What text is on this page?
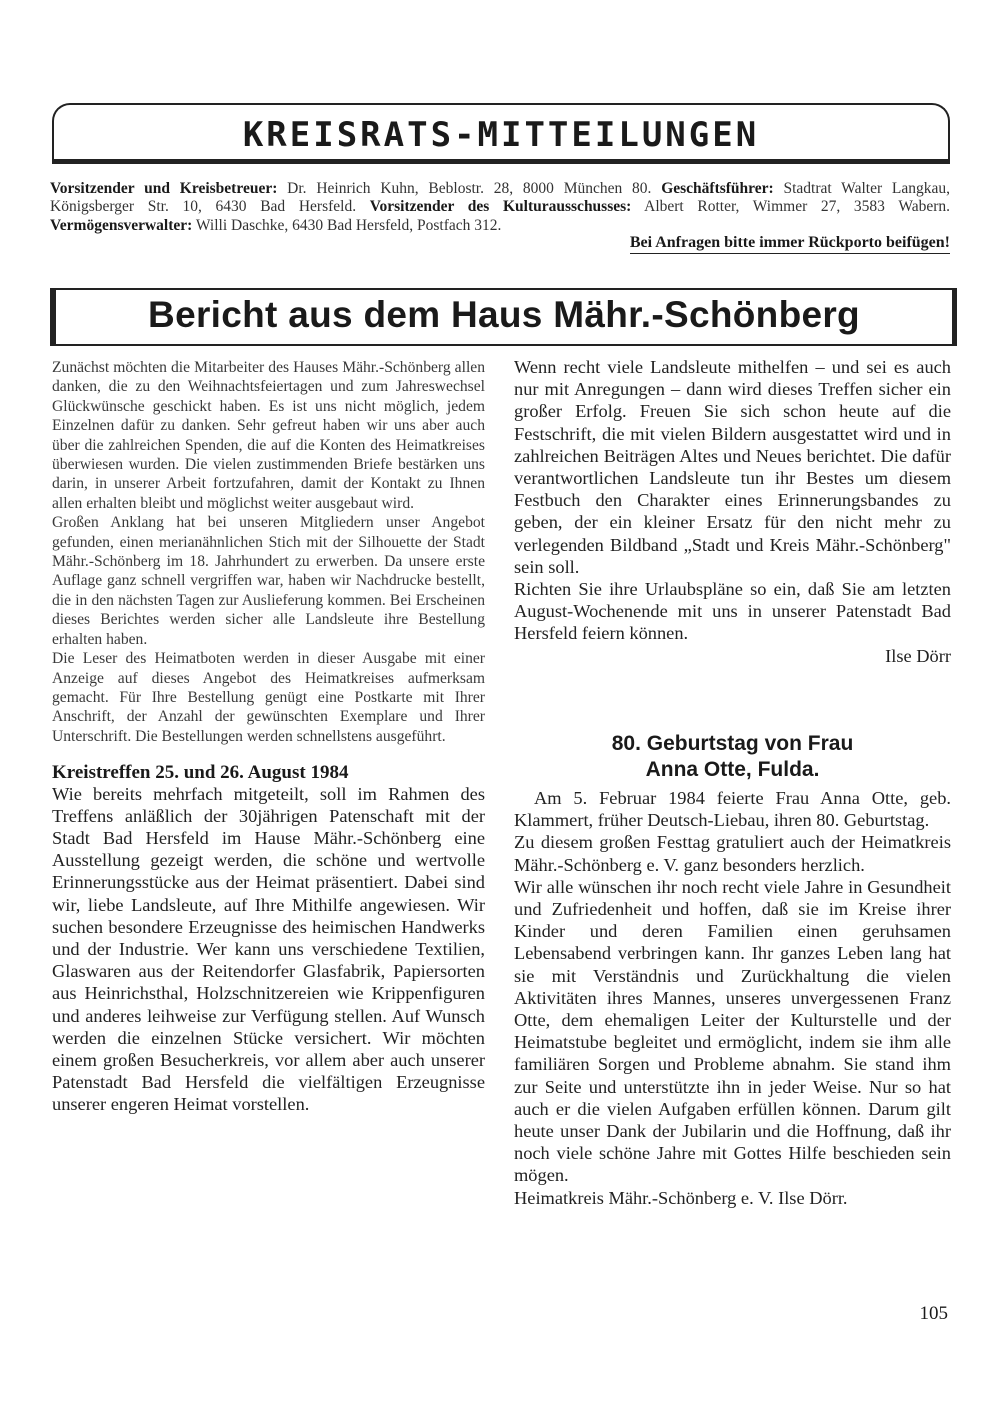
KREISRATS-MITTEILUNGEN
Vorsitzender und Kreisbetreuer: Dr. Heinrich Kuhn, Beblostr. 28, 8000 München 80. Geschäftsführer: Stadtrat Walter Langkau, Königsberger Str. 10, 6430 Bad Hersfeld. Vorsitzender des Kulturausschusses: Albert Rotter, Wimmer 27, 3583 Wabern. Vermögensverwalter: Willi Daschke, 6430 Bad Hersfeld, Postfach 312.
Bei Anfragen bitte immer Rückporto beifügen!
Bericht aus dem Haus Mähr.-Schönberg

Zunächst möchten die Mitarbeiter des Hauses Mähr.-Schönberg allen danken, die zu den Weihnachtsfeiertagen und zum Jahreswechsel Glückwünsche geschickt haben. Es ist uns nicht möglich, jedem Einzelnen dafür zu danken. Sehr gefreut haben wir uns aber auch über die zahlreichen Spenden, die auf die Konten des Heimatkreises überwiesen wurden. Die vielen zustimmenden Briefe bestärken uns darin, in unserer Arbeit fortzufahren, damit der Kontakt zu Ihnen allen erhalten bleibt und möglichst weiter ausgebaut wird.

Großen Anklang hat bei unseren Mitgliedern unser Angebot gefunden, einen merianähnlichen Stich mit der Silhouette der Stadt Mähr.-Schönberg im 18. Jahrhundert zu erwerben. Da unsere erste Auflage ganz schnell vergriffen war, haben wir Nachdrucke bestellt, die in den nächsten Tagen zur Auslieferung kommen. Bei Erscheinen dieses Berichtes werden sicher alle Landsleute ihre Bestellung erhalten haben.

Die Leser des Heimatboten werden in dieser Ausgabe mit einer Anzeige auf dieses Angebot des Heimatkreises aufmerksam gemacht. Für Ihre Bestellung genügt eine Postkarte mit Ihrer Anschrift, der Anzahl der gewünschten Exemplare und Ihrer Unterschrift. Die Bestellungen werden schnellstens ausgeführt.

Kreistreffen 25. und 26. August 1984

Wie bereits mehrfach mitgeteilt, soll im Rahmen des Treffens anläßlich der 30jährigen Patenschaft mit der Stadt Bad Hersfeld im Hause Mähr.-Schönberg eine Ausstellung gezeigt werden, die schöne und wertvolle Erinnerungsstücke aus der Heimat präsentiert. Dabei sind wir, liebe Landsleute, auf Ihre Mithilfe angewiesen. Wir suchen besondere Erzeugnisse des heimischen Handwerks und der Industrie. Wer kann uns verschiedene Textilien, Glaswaren aus der Reitendorfer Glasfabrik, Papiersorten aus Heinrichsthal, Holzschnitzereien wie Krippenfiguren und anderes leihweise zur Verfügung stellen. Auf Wunsch werden die einzelnen Stücke versichert. Wir möchten einem großen Besucherkreis, vor allem aber auch unserer Patenstadt Bad Hersfeld die vielfältigen Erzeugnisse unserer engeren Heimat vorstellen.

Wenn recht viele Landsleute mithelfen – und sei es auch nur mit Anregungen – dann wird dieses Treffen sicher ein großer Erfolg. Freuen Sie sich schon heute auf die Festschrift, die mit vielen Bildern ausgestattet wird und in zahlreichen Beiträgen Altes und Neues berichtet. Die dafür verantwortlichen Landsleute tun ihr Bestes um diesem Festbuch den Charakter eines Erinnerungsbandes zu geben, der ein kleiner Ersatz für den nicht mehr zu verlegenden Bildband „Stadt und Kreis Mähr.-Schönberg" sein soll.

Richten Sie ihre Urlaubspläne so ein, daß Sie am letzten August-Wochenende mit uns in unserer Patenstadt Bad Hersfeld feiern können.

Ilse Dörr
80. Geburtstag von Frau
Anna Otte, Fulda.

Am 5. Februar 1984 feierte Frau Anna Otte, geb. Klammert, früher Deutsch-Liebau, ihren 80. Geburtstag.

Zu diesem großen Festtag gratuliert auch der Heimatkreis Mähr.-Schönberg e. V. ganz besonders herzlich.

Wir alle wünschen ihr noch recht viele Jahre in Gesundheit und Zufriedenheit und hoffen, daß sie im Kreise ihrer Kinder und deren Familien einen geruhsamen Lebensabend verbringen kann. Ihr ganzes Leben lang hat sie mit Verständnis und Zurückhaltung die vielen Aktivitäten ihres Mannes, unseres unvergessenen Franz Otte, dem ehemaligen Leiter der Kulturstelle und der Heimatstube begleitet und ermöglicht, indem sie ihm alle familiären Sorgen und Probleme abnahm. Sie stand ihm zur Seite und unterstützte ihn in jeder Weise. Nur so hat auch er die vielen Aufgaben erfüllen können. Darum gilt heute unser Dank der Jubilarin und die Hoffnung, daß ihr noch viele schöne Jahre mit Gottes Hilfe beschieden sein mögen.

Heimatkreis Mähr.-Schönberg e. V. Ilse Dörr.

105
